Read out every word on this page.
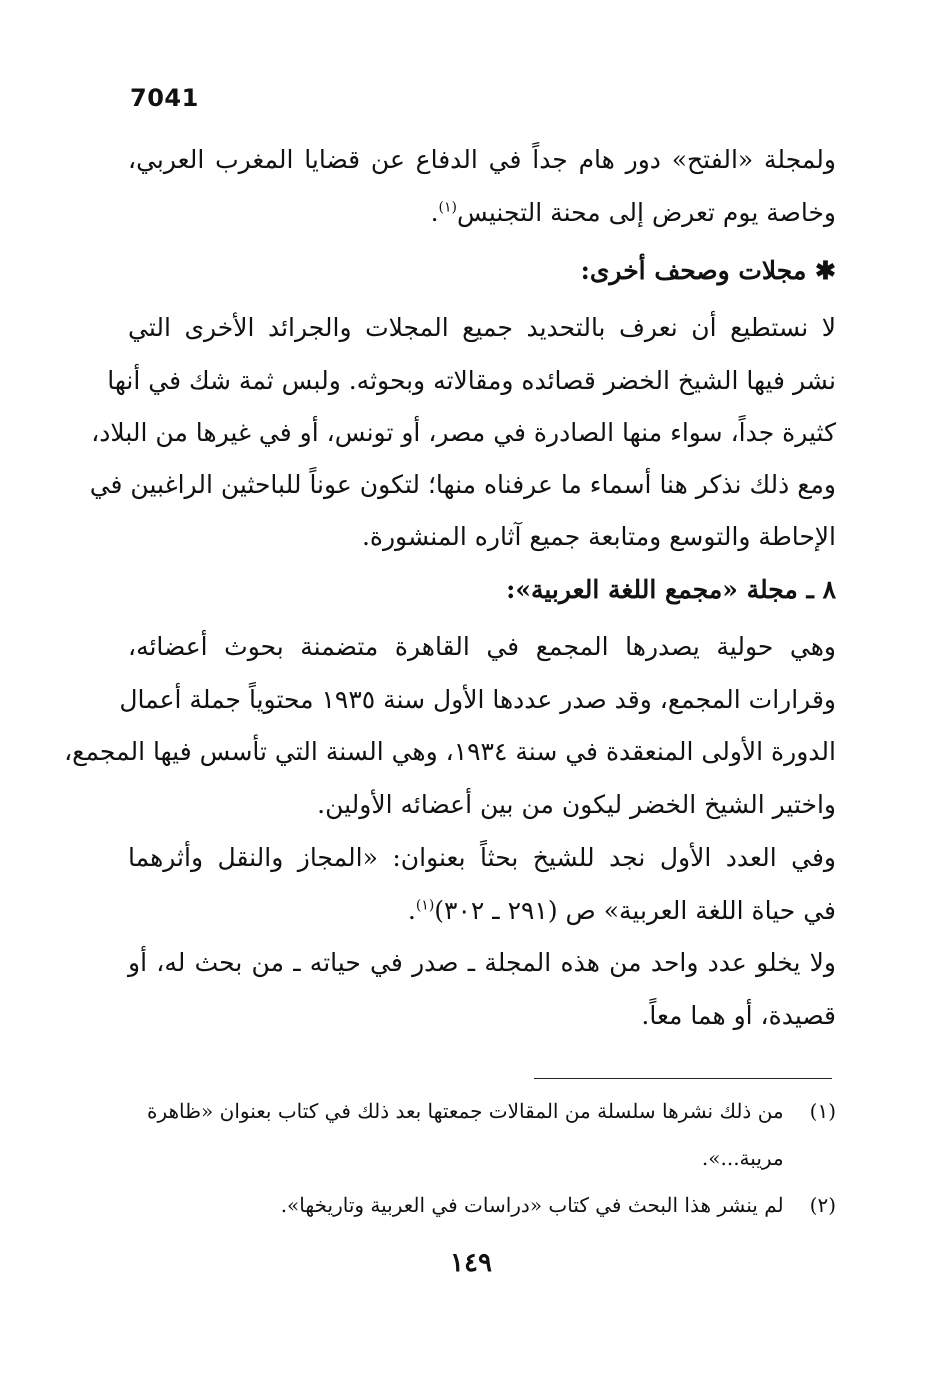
7041
ولمجلة «الفتح» دور هام جداً في الدفاع عن قضايا المغرب العربي،
وخاصة يوم تعرض إلى محنة التجنيس$^{(١)}$.
✱ مجلات وصحف أخرى:
لا نستطيع أن نعرف بالتحديد جميع المجلات والجرائد الأخرى التي
نشر فيها الشيخ الخضر قصائده ومقالاته وبحوثه. ولبس ثمة شك في أنها
كثيرة جداً، سواء منها الصادرة في مصر، أو تونس، أو في غيرها من البلاد،
ومع ذلك نذكر هنا أسماء ما عرفناه منها؛ لتكون عوناً للباحثين الراغبين في
الإحاطة والتوسع ومتابعة جميع آثاره المنشورة.
٨ ـ مجلة «مجمع اللغة العربية»:
وهي حولية يصدرها المجمع في القاهرة متضمنة بحوث أعضائه،
وقرارات المجمع، وقد صدر عددها الأول سنة ١٩٣٥ محتوياً جملة أعمال
الدورة الأولى المنعقدة في سنة ١٩٣٤، وهي السنة التي تأسس فيها المجمع،
واختير الشيخ الخضر ليكون من بين أعضائه الأولين.
وفي العدد الأول نجد للشيخ بحثاً بعنوان: «المجاز والنقل وأثرهما
في حياة اللغة العربية» ص (٢٩١ ـ ٣٠٢)$^{(١)}$.
ولا يخلو عدد واحد من هذه المجلة ـ صدر في حياته ـ من بحث له، أو
قصيدة، أو هما معاً.
(١) من ذلك نشرها سلسلة من المقالات جمعتها بعد ذلك في كتاب بعنوان «ظاهرة
مريبة...».
(٢) لم ينشر هذا البحث في كتاب «دراسات في العربية وتاريخها».
١٤٩
